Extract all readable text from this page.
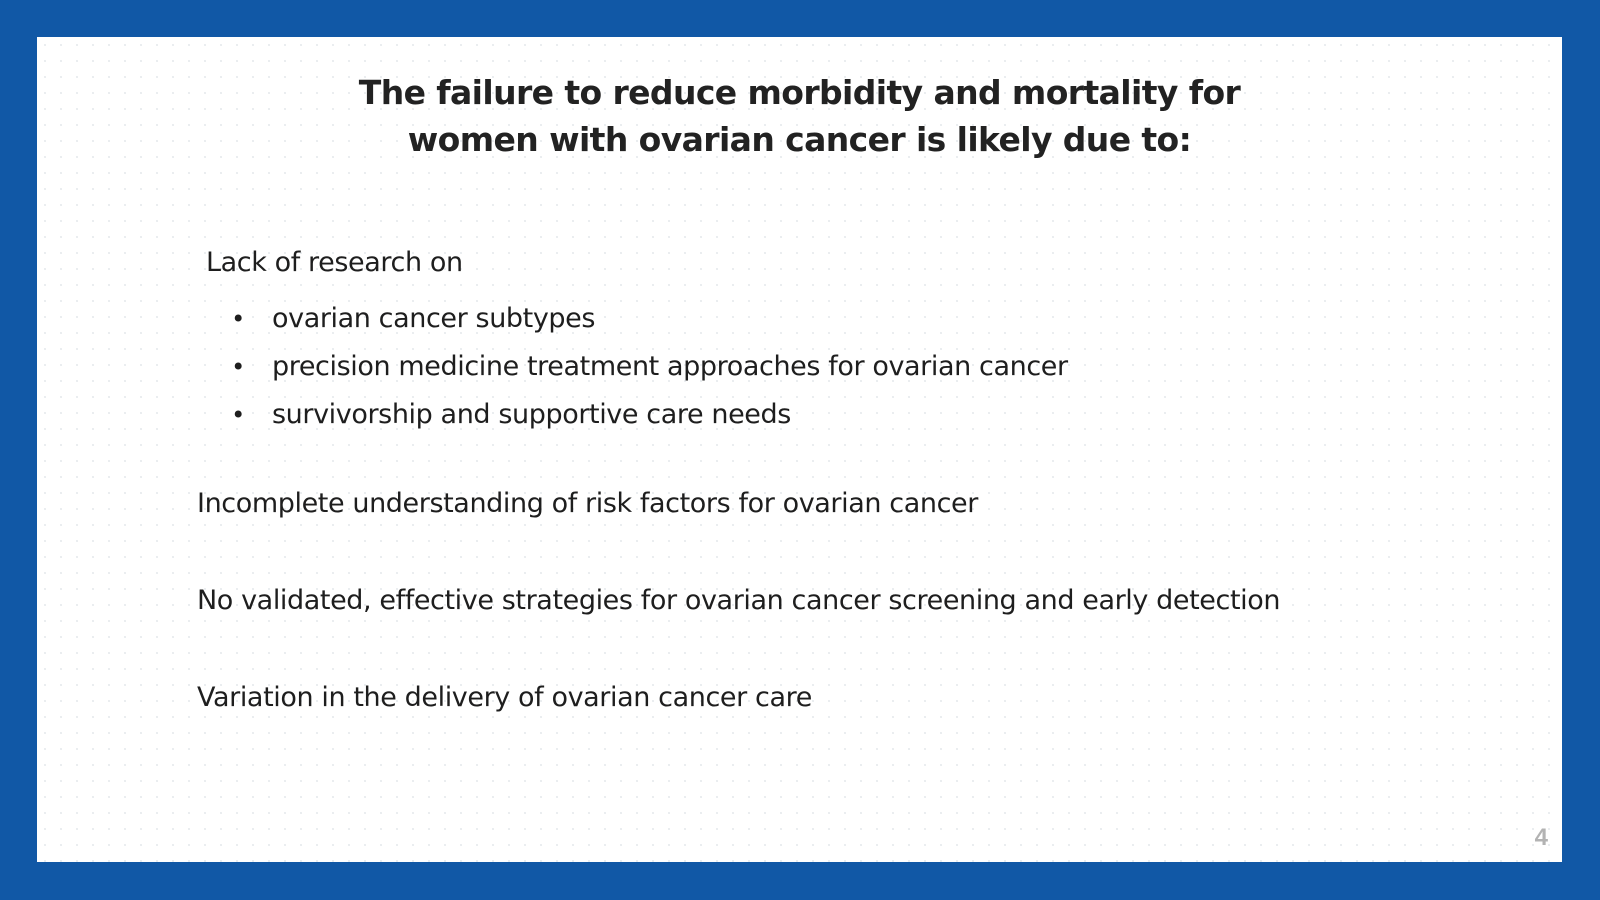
The failure to reduce morbidity and mortality for
women with ovarian cancer is likely due to:
Lack of research on
• ovarian cancer subtypes
• precision medicine treatment approaches for ovarian cancer
• survivorship and supportive care needs
Incomplete understanding of risk factors for ovarian cancer
No validated, effective strategies for ovarian cancer screening and early detection
Variation in the delivery of ovarian cancer care
4
